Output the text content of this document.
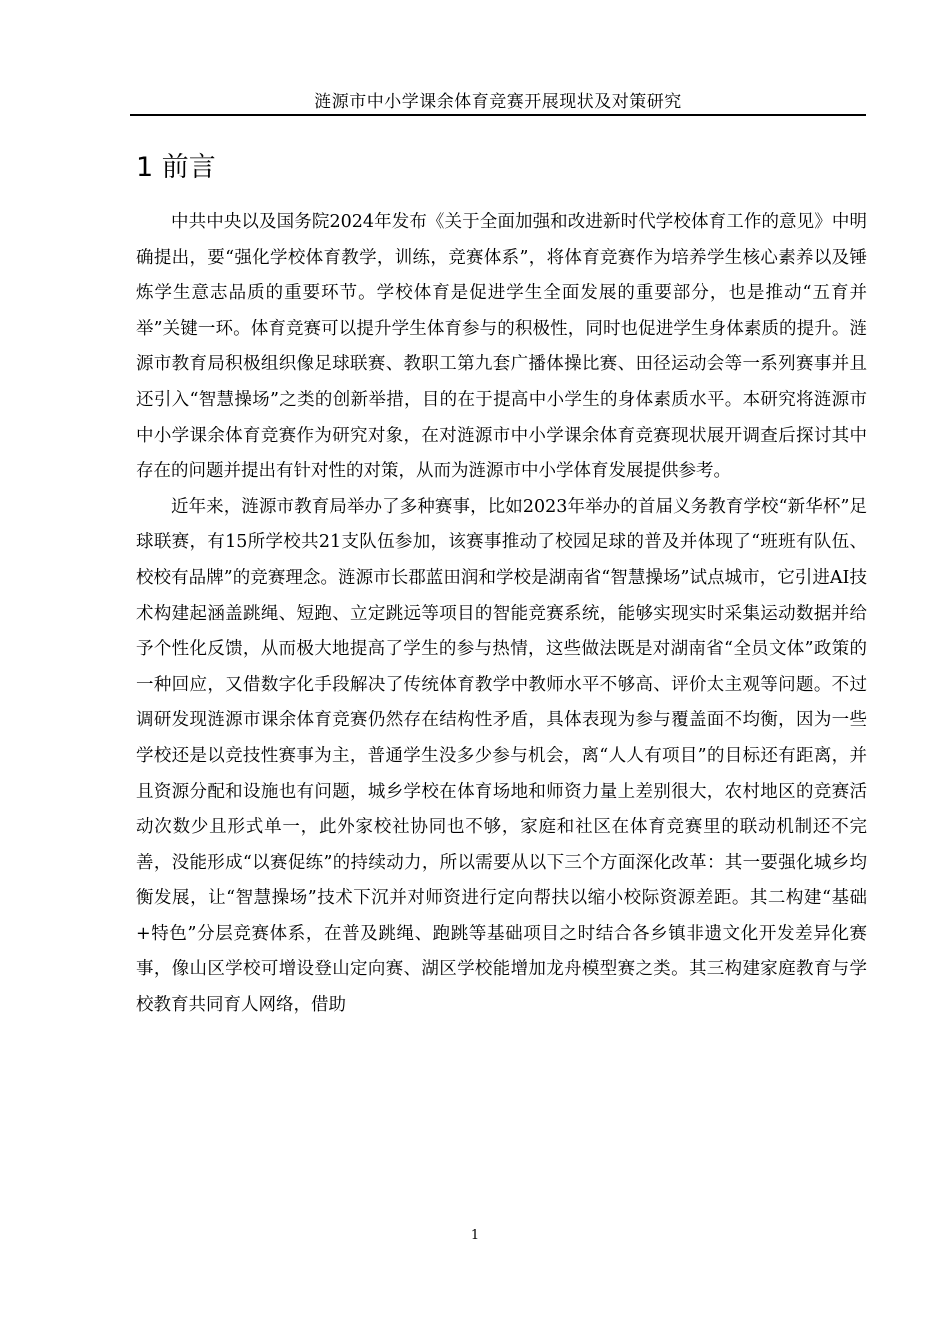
涟源市中小学课余体育竞赛开展现状及对策研究
1 前言

中共中央以及国务院2024年发布《关于全面加强和改进新时代学校体育工作的意见》中明确提出，要“强化学校体育教学，训练，竞赛体系”，将体育竞赛作为培养学生核心素养以及锤炼学生意志品质的重要环节。学校体育是促进学生全面发展的重要部分，也是推动“五育并举”关键一环。体育竞赛可以提升学生体育参与的积极性，同时也促进学生身体素质的提升。涟源市教育局积极组织像足球联赛、教职工第九套广播体操比赛、田径运动会等一系列赛事并且还引入“智慧操场”之类的创新举措，目的在于提高中小学生的身体素质水平。本研究将涟源市中小学课余体育竞赛作为研究对象，在对涟源市中小学课余体育竞赛现状展开调查后探讨其中存在的问题并提出有针对性的对策，从而为涟源市中小学体育发展提供参考。

近年来，涟源市教育局举办了多种赛事，比如2023年举办的首届义务教育学校“新华杯”足球联赛，有15所学校共21支队伍参加，该赛事推动了校园足球的普及并体现了“班班有队伍、校校有品牌”的竞赛理念。涟源市长郡蓝田润和学校是湖南省“智慧操场”试点城市，它引进AI技术构建起涵盖跳绳、短跑、立定跳远等项目的智能竞赛系统，能够实现实时采集运动数据并给予个性化反馈，从而极大地提高了学生的参与热情，这些做法既是对湖南省“全员文体”政策的一种回应，又借数字化手段解决了传统体育教学中教师水平不够高、评价太主观等问题。不过调研发现涟源市课余体育竞赛仍然存在结构性矛盾，具体表现为参与覆盖面不均衡，因为一些学校还是以竞技性赛事为主，普通学生没多少参与机会，离“人人有项目”的目标还有距离，并且资源分配和设施也有问题，城乡学校在体育场地和师资力量上差别很大，农村地区的竞赛活动次数少且形式单一，此外家校社协同也不够，家庭和社区在体育竞赛里的联动机制还不完善，没能形成“以赛促练”的持续动力，所以需要从以下三个方面深化改革：其一要强化城乡均衡发展，让“智慧操场”技术下沉并对师资进行定向帮扶以缩小校际资源差距。其二构建“基础+特色”分层竞赛体系，在普及跳绳、跑跳等基础项目之时结合各乡镇非遗文化开发差异化赛事，像山区学校可增设登山定向赛、湖区学校能增加龙舟模型赛之类。其三构建家庭教育与学校教育共同育人网络，借助

1
